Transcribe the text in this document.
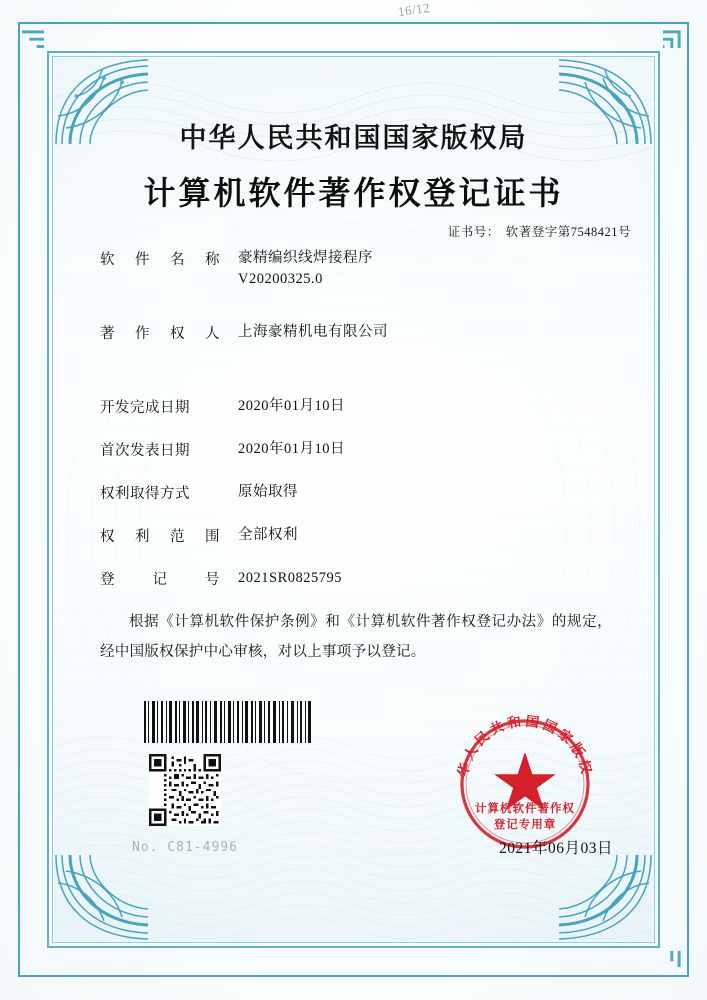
16/12
中华人民共和国国家版权局
计算机软件著作权登记证书
证书号： 软著登字第7548421号
软件名称 豪精编织线焊接程序
V20200325.0
著作权人 上海豪精机电有限公司
开发完成日期	2020年01月10日
首次发表日期	2020年01月10日
权利取得方式	原始取得
权利范围 全部权利
登记号 2021SR0825795
根据《计算机软件保护条例》和《计算机软件著作权登记办法》的规定，经中国版权保护中心审核，对以上事项予以登记。
No. C81-4996
华人民共和国国家版权
计算机软件著作权
登记专用章
2021年06月03日
